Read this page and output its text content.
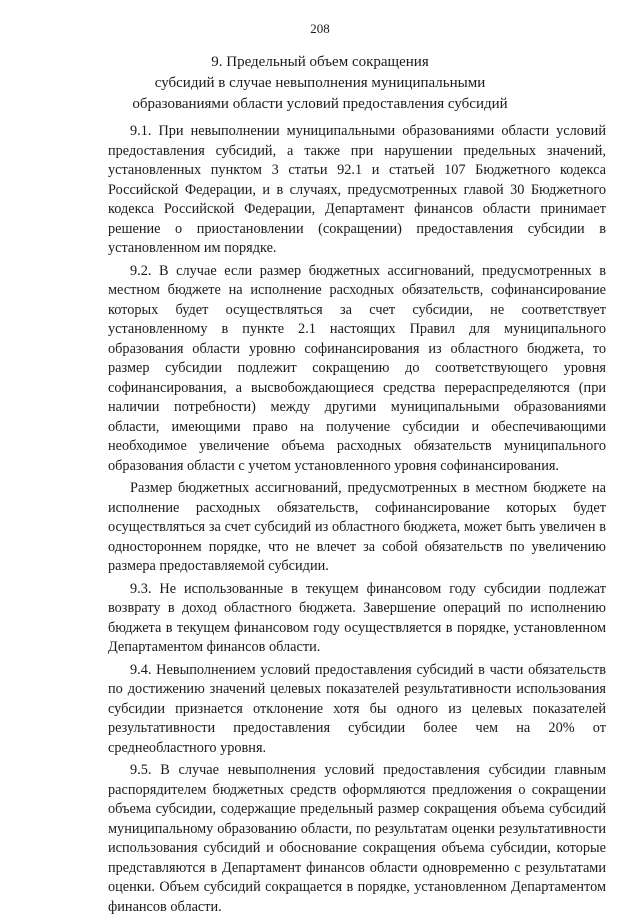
208
9. Предельный объем сокращения
субсидий в случае невыполнения муниципальными
образованиями области условий предоставления субсидий

9.1. При невыполнении муниципальными образованиями области условий предоставления субсидий, а также при нарушении предельных значений, установленных пунктом 3 статьи 92.1 и статьей 107 Бюджетного кодекса Российской Федерации, и в случаях, предусмотренных главой 30 Бюджетного кодекса Российской Федерации, Департамент финансов области принимает решение о приостановлении (сокращении) предоставления субсидии в установленном им порядке.

9.2. В случае если размер бюджетных ассигнований, предусмотренных в местном бюджете на исполнение расходных обязательств, софинансирование которых будет осуществляться за счет субсидии, не соответствует установленному в пункте 2.1 настоящих Правил для муниципального образования области уровню софинансирования из областного бюджета, то размер субсидии подлежит сокращению до соответствующего уровня софинансирования, а высвобождающиеся средства перераспределяются (при наличии потребности) между другими муниципальными образованиями области, имеющими право на получение субсидии и обеспечивающими необходимое увеличение объема расходных обязательств муниципального образования области с учетом установленного уровня софинансирования.

Размер бюджетных ассигнований, предусмотренных в местном бюджете на исполнение расходных обязательств, софинансирование которых будет осуществляться за счет субсидий из областного бюджета, может быть увеличен в одностороннем порядке, что не влечет за собой обязательств по увеличению размера предоставляемой субсидии.

9.3. Не использованные в текущем финансовом году субсидии подлежат возврату в доход областного бюджета. Завершение операций по исполнению бюджета в текущем финансовом году осуществляется в порядке, установленном Департаментом финансов области.

9.4. Невыполнением условий предоставления субсидий в части обязательств по достижению значений целевых показателей результативности использования субсидии признается отклонение хотя бы одного из целевых показателей результативности предоставления субсидии более чем на 20% от среднеобластного уровня.

9.5. В случае невыполнения условий предоставления субсидии главным распорядителем бюджетных средств оформляются предложения о сокращении объема субсидии, содержащие предельный размер сокращения объема субсидий муниципальному образованию области, по результатам оценки результативности использования субсидий и обоснование сокращения объема субсидии, которые представляются в Департамент финансов области одновременно с результатами оценки. Объем субсидий сокращается в порядке, установленном Департаментом финансов области.
